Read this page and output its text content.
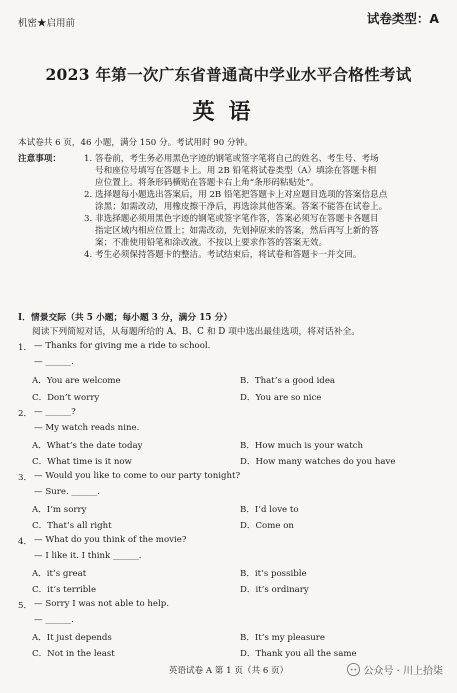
机密★启用前	试卷类型：A
2023 年第一次广东省普通高中学业水平合格性考试
英语
本试卷共 6 页，46 小题，满分 150 分。考试用时 90 分钟。
注意事项：	1. 答卷前，考生务必用黑色字迹的钢笔或签字笔将自己的姓名、考生号、考场
号和座位号填写在答题卡上。用 2B 铅笔将试卷类型（A）填涂在答题卡相
应位置上。将条形码横贴在答题卡右上角“条形码粘贴处”。
2. 选择题每小题选出答案后，用 2B 铅笔把答题卡上对应题目选项的答案信息点
涂黑；如需改动，用橡皮擦干净后，再选涂其他答案。答案不能答在试卷上。
3. 非选择题必须用黑色字迹的钢笔或签字笔作答，答案必须写在答题卡各题目
指定区域内相应位置上；如需改动，先划掉原来的答案，然后再写上新的答
案；不准使用铅笔和涂改液。不按以上要求作答的答案无效。
4. 考生必须保持答题卡的整洁。考试结束后，将试卷和答题卡一并交回。
I．情景交际（共 5 小题；每小题 3 分，满分 15 分）
阅读下列简短对话，从每题所给的 A、B、C 和 D 项中选出最佳选项，将对话补全。
1． — Thanks for giving me a ride to school.
— ______.
A．You are welcome	B．That’s a good idea
C．Don’t worry	D．You are so nice
2． — ______?
— My watch reads nine.
A．What’s the date today	B．How much is your watch
C．What time is it now	D．How many watches do you have
3． — Would you like to come to our party tonight?
— Sure. ______.
A．I’m sorry	B．I’d love to
C．That’s all right	D．Come on
4． — What do you think of the movie?
— I like it. I think ______.
A．it’s great	B．it’s possible
C．it’s terrible	D．it’s ordinary
5． — Sorry I was not able to help.
— ______.
A．It just depends	B．It’s my pleasure
C．Not in the least	D．Thank you all the same
英语试卷 A 第 1 页（共 6 页）	公众号 · 川上拾柒
